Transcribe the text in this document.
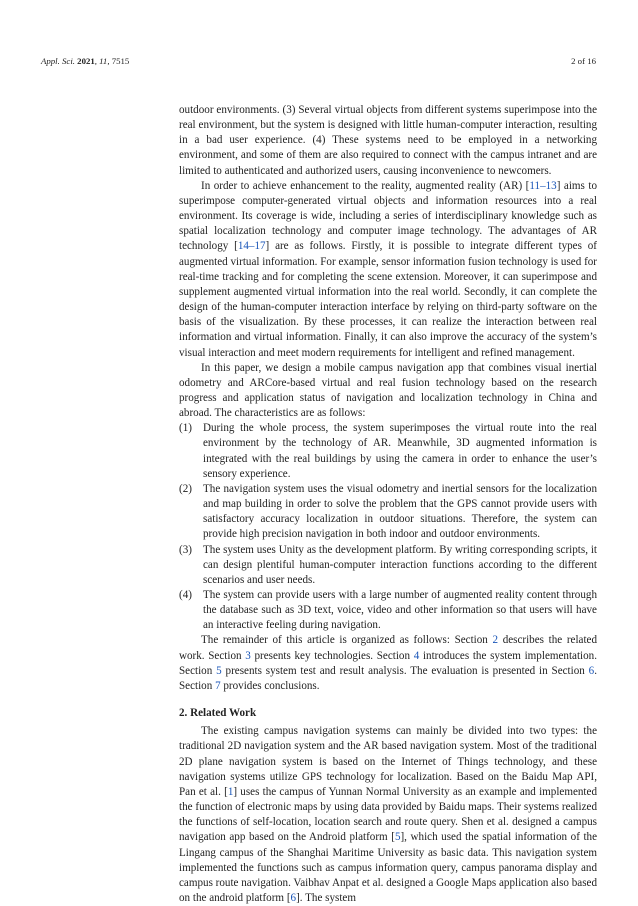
Appl. Sci. 2021, 11, 7515	2 of 16

outdoor environments. (3) Several virtual objects from different systems superimpose into the real environment, but the system is designed with little human-computer interaction, resulting in a bad user experience. (4) These systems need to be employed in a networking environment, and some of them are also required to connect with the campus intranet and are limited to authenticated and authorized users, causing inconvenience to newcomers.

In order to achieve enhancement to the reality, augmented reality (AR) [11–13] aims to superimpose computer-generated virtual objects and information resources into a real environment. Its coverage is wide, including a series of interdisciplinary knowledge such as spatial localization technology and computer image technology. The advantages of AR technology [14–17] are as follows. Firstly, it is possible to integrate different types of augmented virtual information. For example, sensor information fusion technology is used for real-time tracking and for completing the scene extension. Moreover, it can superimpose and supplement augmented virtual information into the real world. Secondly, it can complete the design of the human-computer interaction interface by relying on third-party software on the basis of the visualization. By these processes, it can realize the interaction between real information and virtual information. Finally, it can also improve the accuracy of the system’s visual interaction and meet modern requirements for intelligent and refined management.

In this paper, we design a mobile campus navigation app that combines visual inertial odometry and ARCore-based virtual and real fusion technology based on the research progress and application status of navigation and localization technology in China and abroad. The characteristics are as follows:

(1) During the whole process, the system superimposes the virtual route into the real environment by the technology of AR. Meanwhile, 3D augmented information is integrated with the real buildings by using the camera in order to enhance the user’s sensory experience.
(2) The navigation system uses the visual odometry and inertial sensors for the localization and map building in order to solve the problem that the GPS cannot provide users with satisfactory accuracy localization in outdoor situations. Therefore, the system can provide high precision navigation in both indoor and outdoor environments.
(3) The system uses Unity as the development platform. By writing corresponding scripts, it can design plentiful human-computer interaction functions according to the different scenarios and user needs.
(4) The system can provide users with a large number of augmented reality content through the database such as 3D text, voice, video and other information so that users will have an interactive feeling during navigation.

The remainder of this article is organized as follows: Section 2 describes the related work. Section 3 presents key technologies. Section 4 introduces the system implementation. Section 5 presents system test and result analysis. The evaluation is presented in Section 6. Section 7 provides conclusions.

2. Related Work

The existing campus navigation systems can mainly be divided into two types: the traditional 2D navigation system and the AR based navigation system. Most of the traditional 2D plane navigation system is based on the Internet of Things technology, and these navigation systems utilize GPS technology for localization. Based on the Baidu Map API, Pan et al. [1] uses the campus of Yunnan Normal University as an example and implemented the function of electronic maps by using data provided by Baidu maps. Their systems realized the functions of self-location, location search and route query. Shen et al. designed a campus navigation app based on the Android platform [5], which used the spatial information of the Lingang campus of the Shanghai Maritime University as basic data. This navigation system implemented the functions such as campus information query, campus panorama display and campus route navigation. Vaibhav Anpat et al. designed a Google Maps application also based on the android platform [6]. The system
